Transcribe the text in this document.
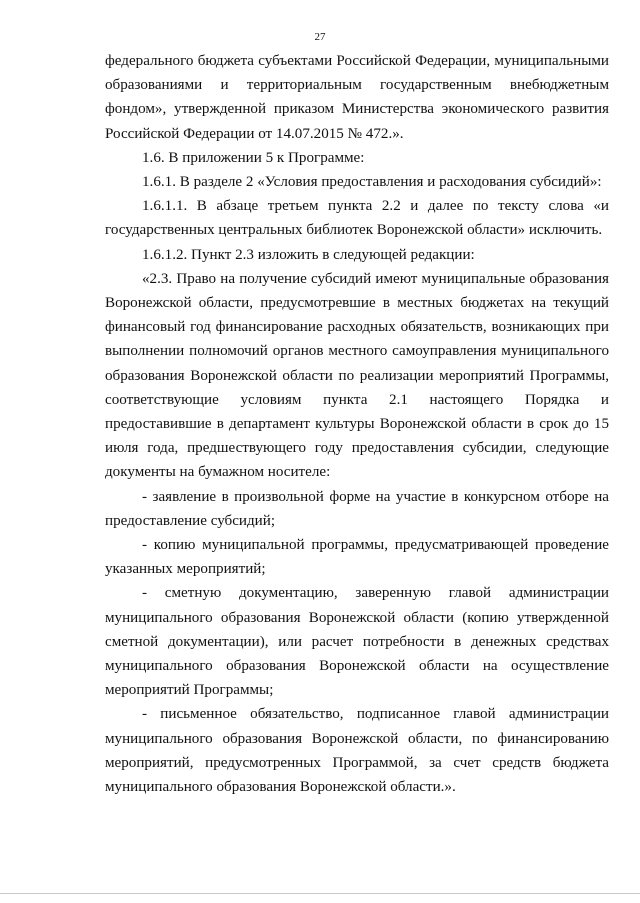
27

федерального бюджета субъектами Российской Федерации, муниципальными образованиями и территориальным государственным внебюджетным фондом», утвержденной приказом Министерства экономического развития Российской Федерации от 14.07.2015 № 472.».

1.6. В приложении 5 к Программе:

1.6.1. В разделе 2 «Условия предоставления и расходования субсидий»:

1.6.1.1. В абзаце третьем пункта 2.2 и далее по тексту слова «и государственных центральных библиотек Воронежской области» исключить.

1.6.1.2. Пункт 2.3 изложить в следующей редакции:

«2.3. Право на получение субсидий имеют муниципальные образования Воронежской области, предусмотревшие в местных бюджетах на текущий финансовый год финансирование расходных обязательств, возникающих при выполнении полномочий органов местного самоуправления муниципального образования Воронежской области по реализации мероприятий Программы, соответствующие условиям пункта 2.1 настоящего Порядка и предоставившие в департамент культуры Воронежской области в срок до 15 июля года, предшествующего году предоставления субсидии, следующие документы на бумажном носителе:

- заявление в произвольной форме на участие в конкурсном отборе на предоставление субсидий;

- копию муниципальной программы, предусматривающей проведение указанных мероприятий;

- сметную документацию, заверенную главой администрации муниципального образования Воронежской области (копию утвержденной сметной документации), или расчет потребности в денежных средствах муниципального образования Воронежской области на осуществление мероприятий Программы;

- письменное обязательство, подписанное главой администрации муниципального образования Воронежской области, по финансированию мероприятий, предусмотренных Программой, за счет средств бюджета муниципального образования Воронежской области.».
